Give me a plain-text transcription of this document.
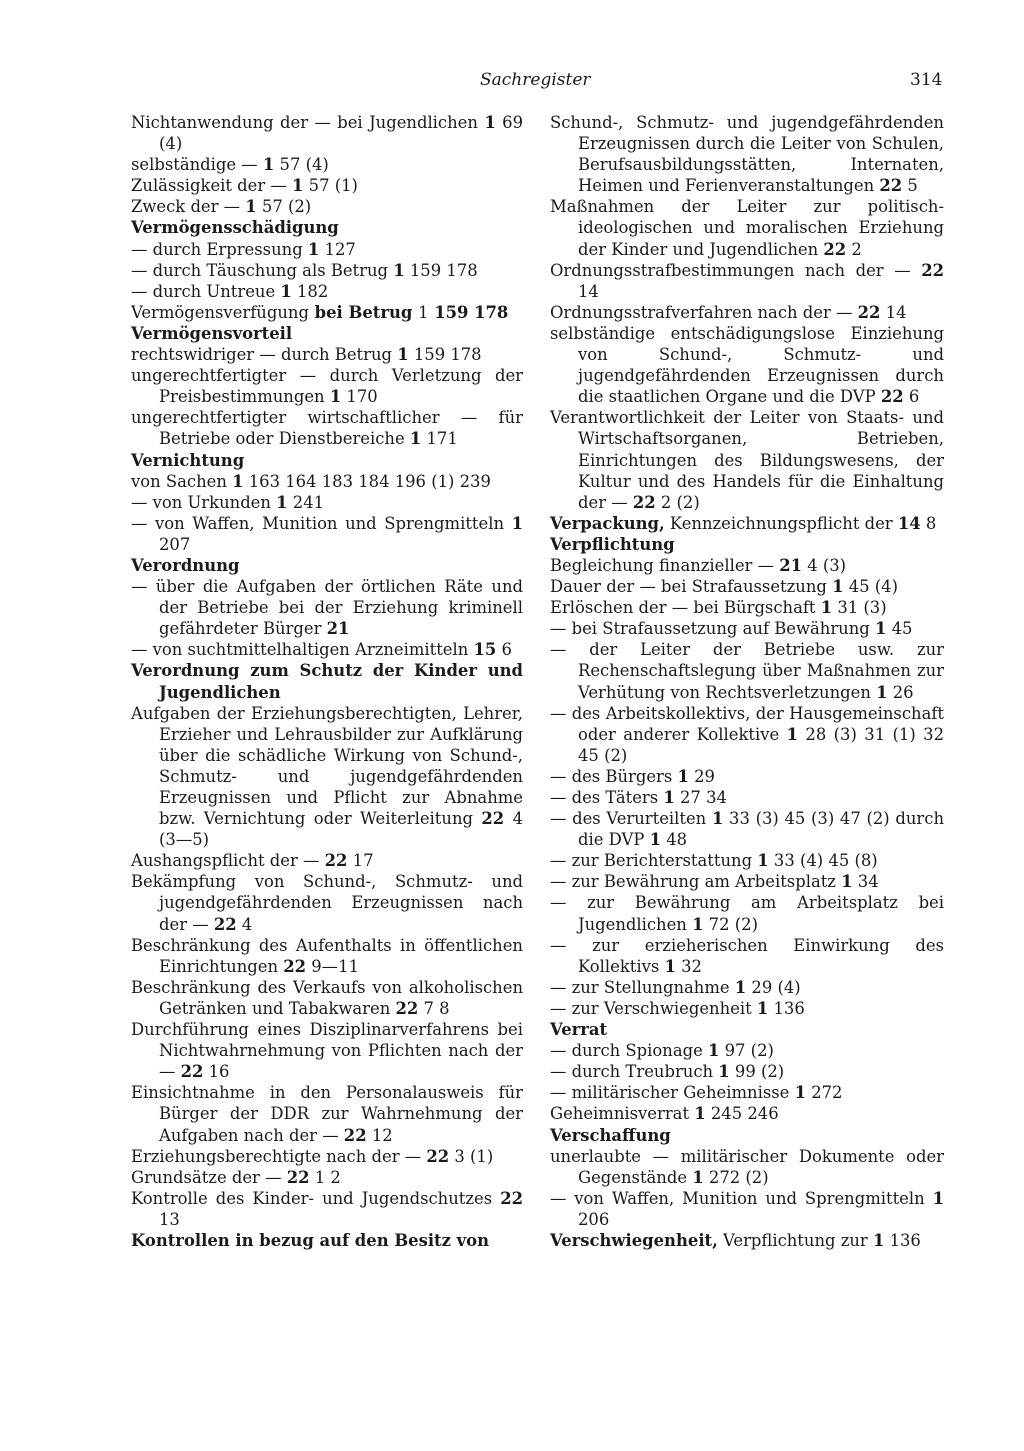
Sachregister	314

Nichtanwendung der — bei Jugendlichen 1 69 (4)

selbständige — 1 57 (4)

Zulässigkeit der — 1 57 (1)

Zweck der — 1 57 (2)

Vermögensschädigung

— durch Erpressung 1 127

— durch Täuschung als Betrug 1 159 178

— durch Untreue 1 182

Vermögensverfügung bei Betrug 1 159 178

Vermögensvorteil

rechtswidriger — durch Betrug 1 159 178

ungerechtfertigter — durch Verletzung der Preisbestimmungen 1 170

ungerechtfertigter wirtschaftlicher — für Betriebe oder Dienstbereiche 1 171

Vernichtung

von Sachen 1 163 164 183 184 196 (1) 239

— von Urkunden 1 241

— von Waffen, Munition und Sprengmitteln 1 207

Verordnung

— über die Aufgaben der örtlichen Räte und der Betriebe bei der Erziehung kriminell gefährdeter Bürger 21

— von suchtmittelhaltigen Arzneimitteln 15 6

Verordnung zum Schutz der Kinder und Jugendlichen

Aufgaben der Erziehungsberechtigten, Lehrer, Erzieher und Lehrausbilder zur Aufklärung über die schädliche Wirkung von Schund-, Schmutz- und jugendgefährdenden Erzeugnissen und Pflicht zur Abnahme bzw. Vernichtung oder Weiterleitung 22 4 (3—5)

Aushangspflicht der — 22 17

Bekämpfung von Schund-, Schmutz- und jugendgefährdenden Erzeugnissen nach der — 22 4

Beschränkung des Aufenthalts in öffentlichen Einrichtungen 22 9—11

Beschränkung des Verkaufs von alkoholischen Getränken und Tabakwaren 22 7 8

Durchführung eines Disziplinarverfahrens bei Nichtwahrnehmung von Pflichten nach der — 22 16

Einsichtnahme in den Personalausweis für Bürger der DDR zur Wahrnehmung der Aufgaben nach der — 22 12

Erziehungsberechtigte nach der — 22 3 (1)

Grundsätze der — 22 1 2

Kontrolle des Kinder- und Jugendschutzes 22 13

Kontrollen in bezug auf den Besitz von

Schund-, Schmutz- und jugendgefährdenden Erzeugnissen durch die Leiter von Schulen, Berufsausbildungsstätten, Internaten, Heimen und Ferienveranstaltungen 22 5

Maßnahmen der Leiter zur politisch-ideologischen und moralischen Erziehung der Kinder und Jugendlichen 22 2

Ordnungsstrafbestimmungen nach der — 22 14

Ordnungsstrafverfahren nach der — 22 14

selbständige entschädigungslose Einziehung von Schund-, Schmutz- und jugendgefährdenden Erzeugnissen durch die staatlichen Organe und die DVP 22 6

Verantwortlichkeit der Leiter von Staats- und Wirtschaftsorganen, Betrieben, Einrichtungen des Bildungswesens, der Kultur und des Handels für die Einhaltung der — 22 2 (2)

Verpackung, Kennzeichnungspflicht der 14 8

Verpflichtung

Begleichung finanzieller — 21 4 (3)

Dauer der — bei Strafaussetzung 1 45 (4)

Erlöschen der — bei Bürgschaft 1 31 (3)

— bei Strafaussetzung auf Bewährung 1 45

— der Leiter der Betriebe usw. zur Rechenschaftslegung über Maßnahmen zur Verhütung von Rechtsverletzungen 1 26

— des Arbeitskollektivs, der Hausgemeinschaft oder anderer Kollektive 1 28 (3) 31 (1) 32 45 (2)

— des Bürgers 1 29

— des Täters 1 27 34

— des Verurteilten 1 33 (3) 45 (3) 47 (2) durch die DVP 1 48

— zur Berichterstattung 1 33 (4) 45 (8)

— zur Bewährung am Arbeitsplatz 1 34

— zur Bewährung am Arbeitsplatz bei Jugendlichen 1 72 (2)

— zur erzieherischen Einwirkung des Kollektivs 1 32

— zur Stellungnahme 1 29 (4)

— zur Verschwiegenheit 1 136

Verrat

— durch Spionage 1 97 (2)

— durch Treubruch 1 99 (2)

— militärischer Geheimnisse 1 272

Geheimnisverrat 1 245 246

Verschaffung

unerlaubte — militärischer Dokumente oder Gegenstände 1 272 (2)

— von Waffen, Munition und Sprengmitteln 1 206

Verschwiegenheit, Verpflichtung zur 1 136
